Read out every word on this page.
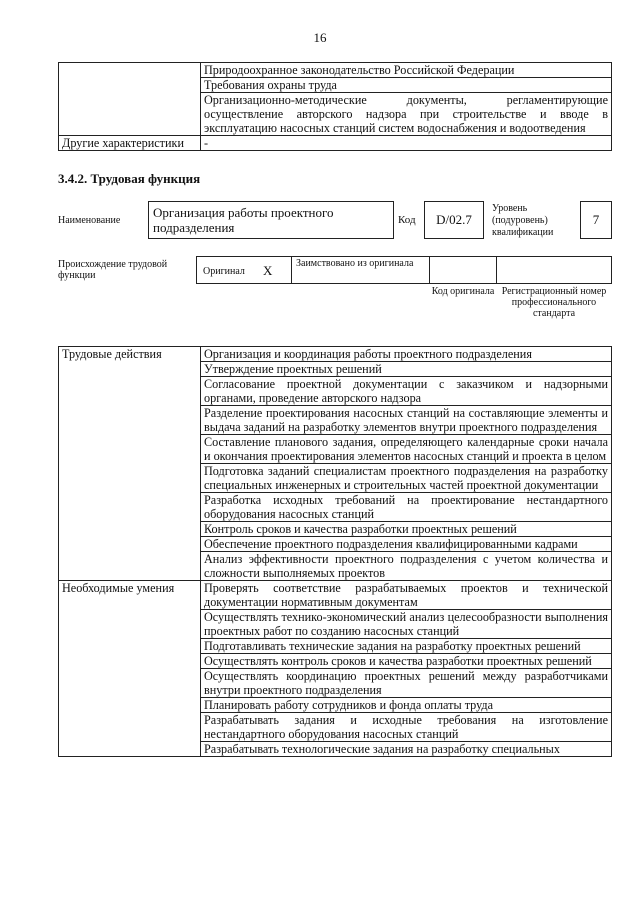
16
	Природоохранное законодательство Российской Федерации
	Требования охраны труда
	Организационно-методические документы, регламентирующие осуществление авторского надзора при строительстве и вводе в эксплуатацию насосных станций систем водоснабжения и водоотведения
Другие характеристики	-
3.4.2. Трудовая функция
Наименование
Организация работы проектного подразделения	Код	D/02.7
Уровень (подуровень) квалификации
7
Происхождение трудовой функции	Оригинал X	Заимствовано из оригинала
Код оригинала Регистрационный номер профессионального стандарта
Трудовые действия	Организация и координация работы проектного подразделения
	Утверждение проектных решений
	Согласование проектной документации с заказчиком и надзорными органами, проведение авторского надзора
	Разделение проектирования насосных станций на составляющие элементы и выдача заданий на разработку элементов внутри проектного подразделения
	Составление планового задания, определяющего календарные сроки начала и окончания проектирования элементов насосных станций и проекта в целом
	Подготовка заданий специалистам проектного подразделения на разработку специальных инженерных и строительных частей проектной документации
	Разработка исходных требований на проектирование нестандартного оборудования насосных станций
	Контроль сроков и качества разработки проектных решений
	Обеспечение проектного подразделения квалифицированными кадрами
	Анализ эффективности проектного подразделения с учетом количества и сложности выполняемых проектов
Необходимые умения	Проверять соответствие разрабатываемых проектов и технической документации нормативным документам
	Осуществлять технико-экономический анализ целесообразности выполнения проектных работ по созданию насосных станций
	Подготавливать технические задания на разработку проектных решений
	Осуществлять контроль сроков и качества разработки проектных решений
	Осуществлять координацию проектных решений между разработчиками внутри проектного подразделения
	Планировать работу сотрудников и фонда оплаты труда
	Разрабатывать задания и исходные требования на изготовление нестандартного оборудования насосных станций
	Разрабатывать технологические задания на разработку специальных
